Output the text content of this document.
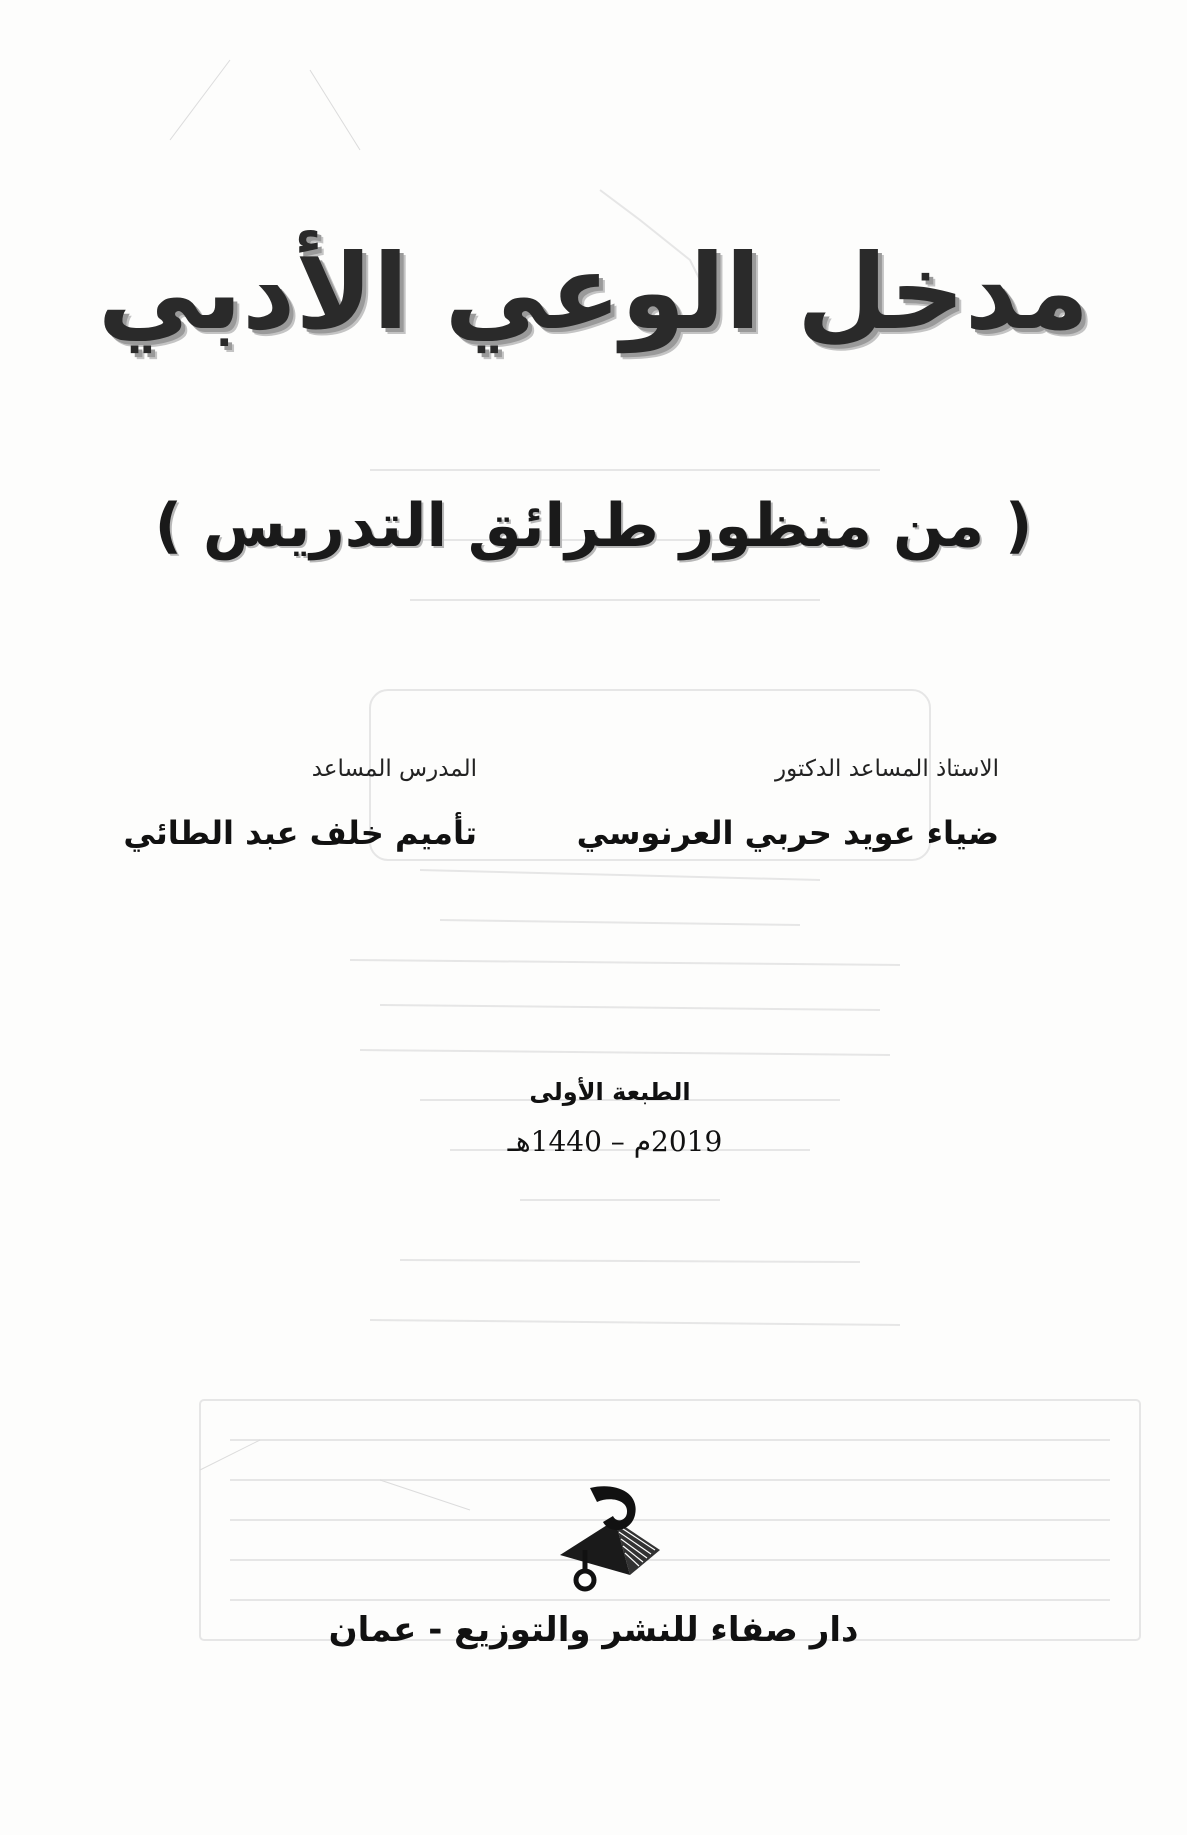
مدخل الوعي الأدبي
( من منظور طرائق التدريس )
الاستاذ المساعد الدكتور
ضياء عويد حربي العرنوسي
المدرس المساعد
تأميم خلف عبد الطائي
الطبعة الأولى
2019م – 1440هـ
دار صفاء للنشر والتوزيع - عمان
